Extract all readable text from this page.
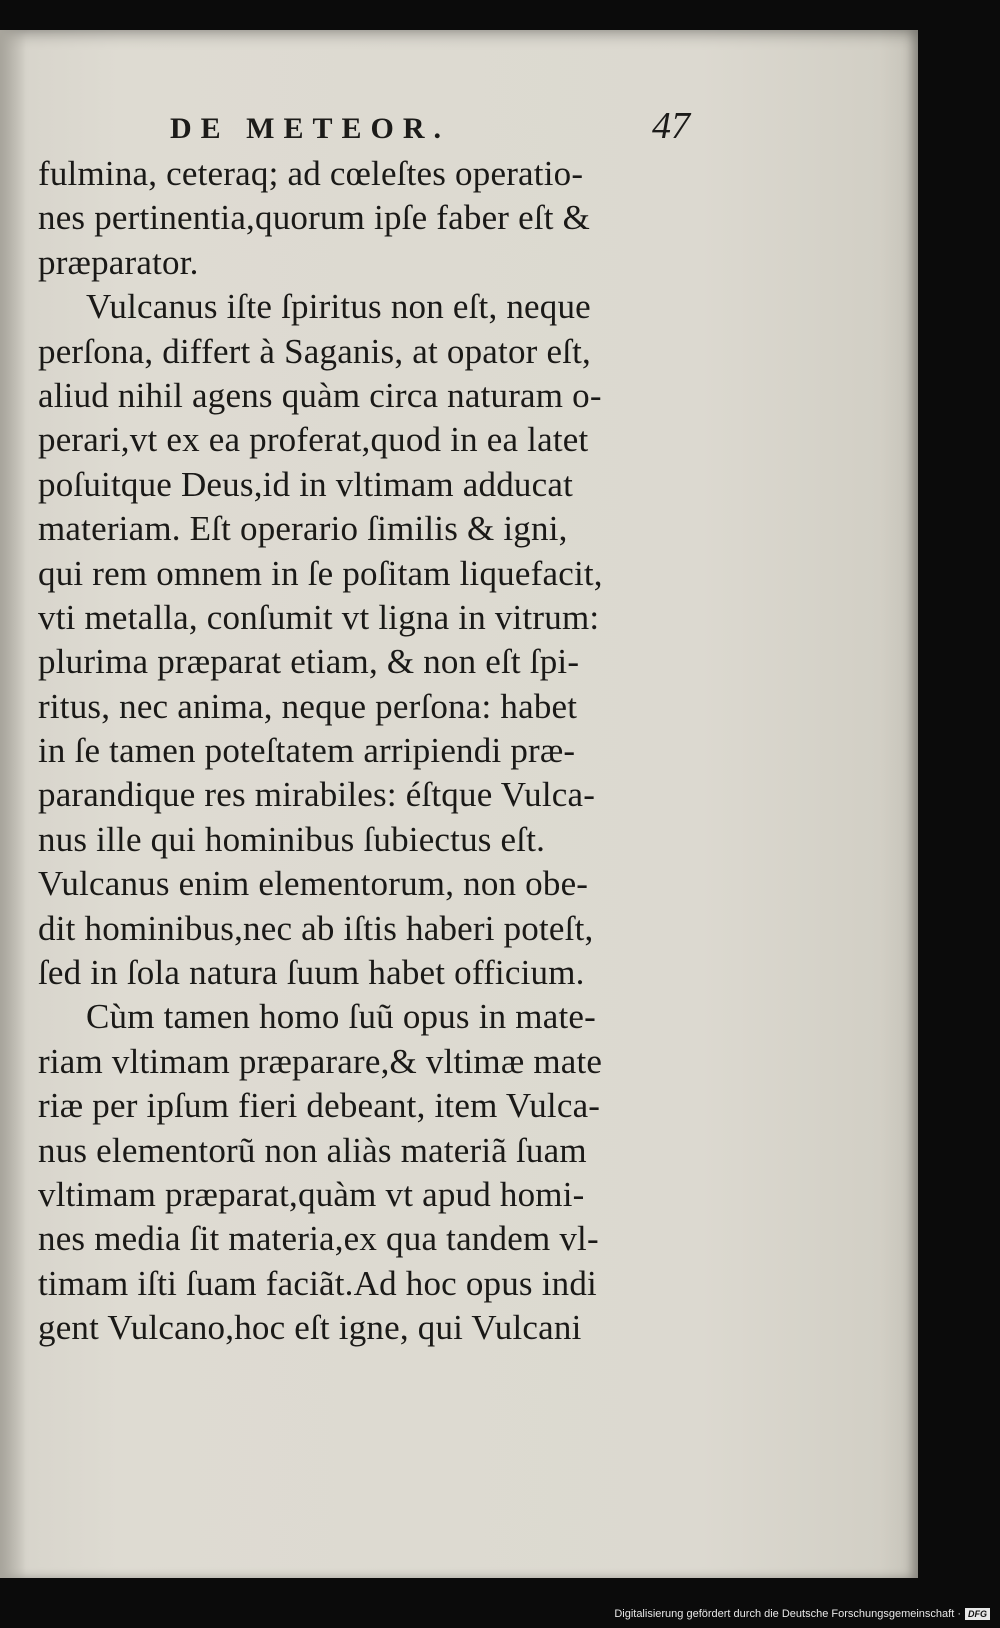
DE METEOR.	47
fulmina, ceteraq; ad cœleſtes operatio-
nes pertinentia,quorum ipſe faber eſt &
præparator.
Vulcanus iſte ſpiritus non eſt, neque
perſona, differt à Saganis, at opator eſt,
aliud nihil agens quàm circa naturam o-
perari,vt ex ea proferat,quod in ea latet
poſuitque Deus,id in vltimam adducat
materiam. Eſt operario ſimilis & igni,
qui rem omnem in ſe poſitam liquefacit,
vti metalla, conſumit vt ligna in vitrum:
plurima præparat etiam, & non eſt ſpi-
ritus, nec anima, neque perſona: habet
in ſe tamen poteſtatem arripiendi præ-
parandique res mirabiles: éſtque Vulca-
nus ille qui hominibus ſubiectus eſt.
Vulcanus enim elementorum, non obe-
dit hominibus,nec ab iſtis haberi poteſt,
ſed in ſola natura ſuum habet officium.
Cùm tamen homo ſuũ opus in mate-
riam vltimam præparare,& vltimæ mate
riæ per ipſum fieri debeant, item Vulca-
nus elementorũ non aliàs materiã ſuam
vltimam præparat,quàm vt apud homi-
nes media ſit materia,ex qua tandem vl-
timam iſti ſuam faciãt.Ad hoc opus indi
gent Vulcano,hoc eſt igne, qui Vulcani
Digitalisierung gefördert durch die Deutsche Forschungsgemeinschaft · DFG
